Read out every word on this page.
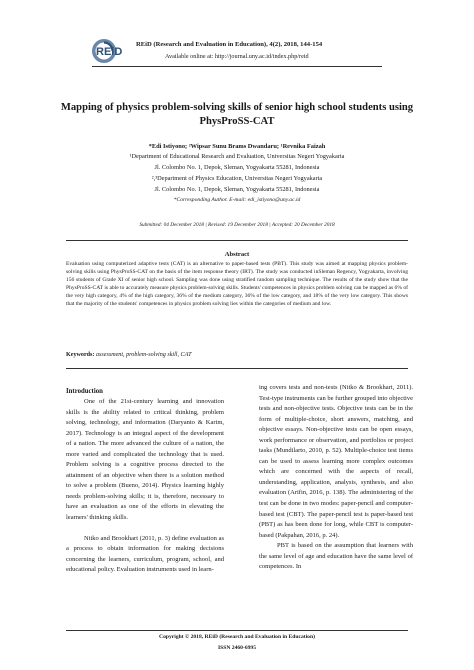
REiD
REiD (Research and Evaluation in Education), 4(2), 2018, 144-154
Available online at: http://journal.uny.ac.id/index.php/reid
Mapping of physics problem-solving skills of senior high school students using PhysProSS-CAT
*Edi Istiyono; ²Wipsar Sunu Brams Dwandaru; ¹Revnika Faizah
¹Department of Educational Research and Evaluation, Universitas Negeri Yogyakarta
Jl. Colombo No. 1, Depok, Sleman, Yogyakarta 55281, Indonesia
²,³Department of Physics Education, Universitas Negeri Yogyakarta
Jl. Colombo No. 1, Depok, Sleman, Yogyakarta 55281, Indonesia
*Corresponding Author. E-mail: edi_istiyono@uny.ac.id
Submitted: 04 December 2018 | Revised: 19 December 2018 | Accepted: 20 December 2018
Abstract
Evaluation using computerized adaptive tests (CAT) is an alternative to paper-based tests (PBT). This study was aimed at mapping physics problem-solving skills using PhysProSS-CAT on the basis of the item response theory (IRT). The study was conducted inSleman Regency, Yogyakarta, involving 156 students of Grade XI of senior high school. Sampling was done using stratified random sampling technique. The results of the study show that the PhysProSS-CAT is able to accurately measure physics problem-solving skills. Students' competences in physics problem solving can be mapped as 6% of the very high category, 4% of the high category, 36% of the medium category, 36% of the low category, and 18% of the very low category. This shows that the majority of the students' competences in physics problem solving lies within the categories of medium and low.
Keywords: assessment, problem-solving skill, CAT
Introduction

One of the 21st-century learning and innovation skills is the ability related to critical thinking, problem solving, technology, and information (Daryanto & Karim, 2017). Technology is an integral aspect of the development of a nation. The more advanced the culture of a nation, the more varied and complicated the technology that is used. Problem solving is a cognitive process directed to the attainment of an objective when there is a solution method to solve a problem (Bueno, 2014). Physics learning highly needs problem-solving skills; it is, therefore, necessary to have an evaluation as one of the efforts in elevating the learners' thinking skills.

Nitko and Brookhart (2011, p. 3) define evaluation as a process to obtain information for making decisions concerning the learners, curriculum, program, school, and educational policy. Evaluation instruments used in learn-

ing covers tests and non-tests (Nitko & Brookhart, 2011). Test-type instruments can be further grouped into objective tests and non-objective tests. Objective tests can be in the form of multiple-choice, short answers, matching, and objective essays. Non-objective tests can be open essays, work performance or observation, and portfolios or project tasks (Mundilarto, 2010, p. 52). Multiple-choice test items can be used to assess learning more complex outcomes which are concerned with the aspects of recall, understanding, application, analysis, synthesis, and also evaluation (Arifin, 2016, p. 138). The administering of the test can be done in two modes: paper-pencil and computer-based test (CBT). The paper-pencil test is paper-based test (PBT) as has been done for long, while CBT is computer-based (Pakpahan, 2016, p. 24).

PBT is based on the assumption that learners with the same level of age and education have the same level of competences. In

Copyright © 2018, REiD (Research and Evaluation in Education)
ISSN 2460-6995
